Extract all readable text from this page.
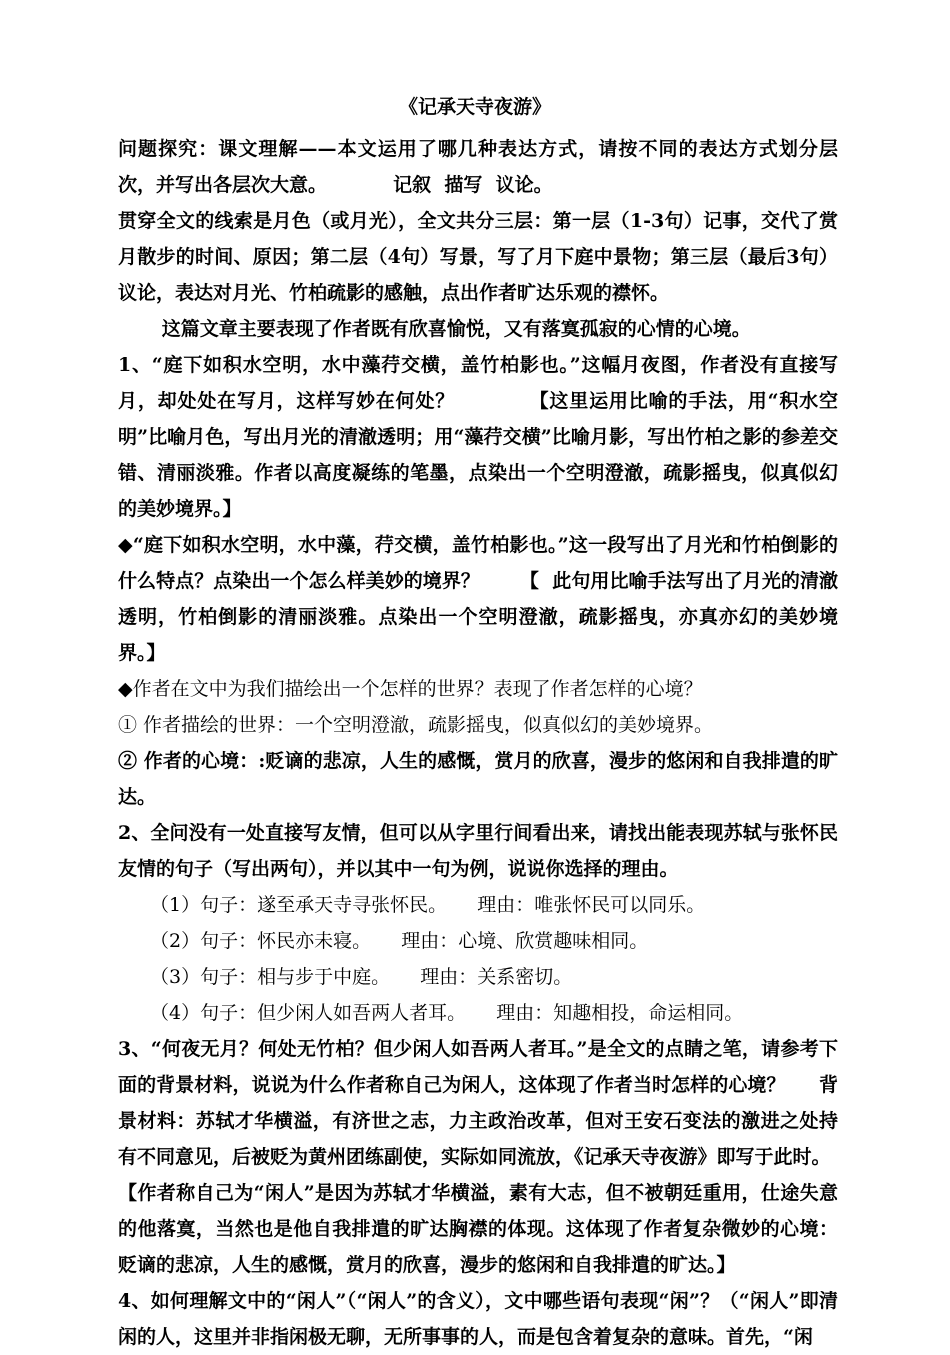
《记承天寺夜游》

问题探究：课文理解——本文运用了哪几种表达方式，请按不同的表达方式划分层次，并写出各层次大意。          记叙  描写  议论。

贯穿全文的线索是月色（或月光），全文共分三层：第一层（1-3句）记事，交代了赏月散步的时间、原因；第二层（4句）写景，写了月下庭中景物；第三层（最后3句）议论，表达对月光、竹柏疏影的感触，点出作者旷达乐观的襟怀。

这篇文章主要表现了作者既有欣喜愉悦，又有落寞孤寂的心情的心境。

1、“庭下如积水空明，水中藻荇交横，盖竹柏影也。”这幅月夜图，作者没有直接写月，却处处在写月，这样写妙在何处？          【这里运用比喻的手法，用“积水空明”比喻月色，写出月光的清澈透明；用“藻荇交横”比喻月影，写出竹柏之影的参差交错、清丽淡雅。作者以高度凝练的笔墨，点染出一个空明澄澈，疏影摇曳，似真似幻的美妙境界。】

◆“庭下如积水空明，水中藻，荇交横，盖竹柏影也。”这一段写出了月光和竹柏倒影的什么特点？点染出一个怎么样美妙的境界？      【  此句用比喻手法写出了月光的清澈透明，竹柏倒影的清丽淡雅。点染出一个空明澄澈，疏影摇曳，亦真亦幻的美妙境界。】

◆作者在文中为我们描绘出一个怎样的世界？表现了作者怎样的心境？

① 作者描绘的世界：一个空明澄澈，疏影摇曳，似真似幻的美妙境界。

② 作者的心境：:贬谪的悲凉，人生的感慨，赏月的欣喜，漫步的悠闲和自我排遣的旷达。

2、全问没有一处直接写友情，但可以从字里行间看出来，请找出能表现苏轼与张怀民友情的句子（写出两句），并以其中一句为例，说说你选择的理由。

（1）句子：遂至承天寺寻张怀民。     理由：唯张怀民可以同乐。

（2）句子：怀民亦未寝。     理由：心境、欣赏趣味相同。

（3）句子：相与步于中庭。     理由：关系密切。

（4）句子：但少闲人如吾两人者耳。     理由：知趣相投，命运相同。

3、“何夜无月？何处无竹柏？但少闲人如吾两人者耳。”是全文的点睛之笔，请参考下面的背景材料，说说为什么作者称自己为闲人，这体现了作者当时怎样的心境？     背景材料：苏轼才华横溢，有济世之志，力主政治改革，但对王安石变法的激进之处持有不同意见，后被贬为黄州团练副使，实际如同流放，《记承天寺夜游》即写于此时。

【作者称自己为“闲人”是因为苏轼才华横溢，素有大志，但不被朝廷重用，仕途失意的他落寞，当然也是他自我排遣的旷达胸襟的体现。这体现了作者复杂微妙的心境：贬谪的悲凉，人生的感慨，赏月的欣喜，漫步的悠闲和自我排遣的旷达。】

4、如何理解文中的“闲人”（“闲人”的含义），文中哪些语句表现“闲”？（“闲人”即清闲的人，这里并非指闲极无聊，无所事事的人，而是包含着复杂的意味。首先，“闲
